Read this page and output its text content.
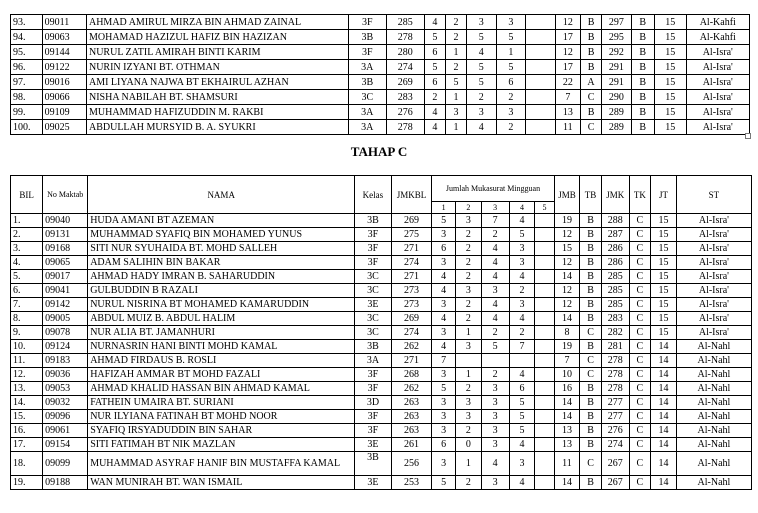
93.	09011	AHMAD AMIRUL MIRZA BIN AHMAD ZAINAL	3F	285	4	2	3	3		12	B	297	B	15	Al-Kahfi
94.	09063	MOHAMAD HAZIZUL HAFIZ BIN HAZIZAN	3B	278	5	2	5	5		17	B	295	B	15	Al-Kahfi
95.	09144	NURUL ZATIL AMIRAH BINTI KARIM	3F	280	6	1	4	1		12	B	292	B	15	Al-Isra'
96.	09122	NURIN IZYANI BT. OTHMAN	3A	274	5	2	5	5		17	B	291	B	15	Al-Isra'
97.	09016	AMI LIYANA NAJWA BT EKHAIRUL AZHAN	3B	269	6	5	5	6		22	A	291	B	15	Al-Isra'
98.	09066	NISHA NABILAH BT. SHAMSURI	3C	283	2	1	2	2		7	C	290	B	15	Al-Isra'
99.	09109	MUHAMMAD HAFIZUDDIN M. RAKBI	3A	276	4	3	3	3		13	B	289	B	15	Al-Isra'
100.	09025	ABDULLAH MURSYID B. A. SYUKRI	3A	278	4	1	4	2		11	C	289	B	15	Al-Isra'
TAHAP C
BIL	No Maktab	NAMA	Kelas	JMKBL	Jumlah Mukasurat Mingguan					JMB	TB	JMK	TK	JT	ST
					1	2	3	4	5						
1.	09040	HUDA AMANI BT AZEMAN	3B	269	5	3	7	4		19	B	288	C	15	Al-Isra'
2.	09131	MUHAMMAD SYAFIQ BIN MOHAMED YUNUS	3F	275	3	2	2	5		12	B	287	C	15	Al-Isra'
3.	09168	SITI NUR SYUHAIDA BT. MOHD SALLEH	3F	271	6	2	4	3		15	B	286	C	15	Al-Isra'
4.	09065	ADAM SALIHIN BIN BAKAR	3F	274	3	2	4	3		12	B	286	C	15	Al-Isra'
5.	09017	AHMAD HADY IMRAN B. SAHARUDDIN	3C	271	4	2	4	4		14	B	285	C	15	Al-Isra'
6.	09041	GULBUDDIN B RAZALI	3C	273	4	3	3	2		12	B	285	C	15	Al-Isra'
7.	09142	NURUL NISRINA BT MOHAMED KAMARUDDIN	3E	273	3	2	4	3		12	B	285	C	15	Al-Isra'
8.	09005	ABDUL MUIZ B. ABDUL HALIM	3C	269	4	2	4	4		14	B	283	C	15	Al-Isra'
9.	09078	NUR ALIA BT. JAMANHURI	3C	274	3	1	2	2		8	C	282	C	15	Al-Isra'
10.	09124	NURNASRIN HANI BINTI MOHD KAMAL	3B	262	4	3	5	7		19	B	281	C	14	Al-Nahl
11.	09183	AHMAD FIRDAUS B. ROSLI	3A	271	7					7	C	278	C	14	Al-Nahl
12.	09036	HAFIZAH AMMAR BT MOHD FAZALI	3F	268	3	1	2	4		10	C	278	C	14	Al-Nahl
13.	09053	AHMAD KHALID HASSAN BIN AHMAD KAMAL	3F	262	5	2	3	6		16	B	278	C	14	Al-Nahl
14.	09032	FATHEIN UMAIRA BT. SURIANI	3D	263	3	3	3	5		14	B	277	C	14	Al-Nahl
15.	09096	NUR ILYIANA FATINAH BT MOHD NOOR	3F	263	3	3	3	5		14	B	277	C	14	Al-Nahl
16.	09061	SYAFIQ IRSYADUDDIN BIN SAHAR	3F	263	3	2	3	5		13	B	276	C	14	Al-Nahl
17.	09154	SITI FATIMAH BT NIK MAZLAN	3E	261	6	0	3	4		13	B	274	C	14	Al-Nahl
18.	09099	MUHAMMAD ASYRAF HANIF BIN MUSTAFFA KAMAL	3B	256	3	1	4	3		11	C	267	C	14	Al-Nahl
19.	09188	WAN MUNIRAH BT. WAN ISMAIL	3E	253	5	2	3	4		14	B	267	C	14	Al-Nahl
